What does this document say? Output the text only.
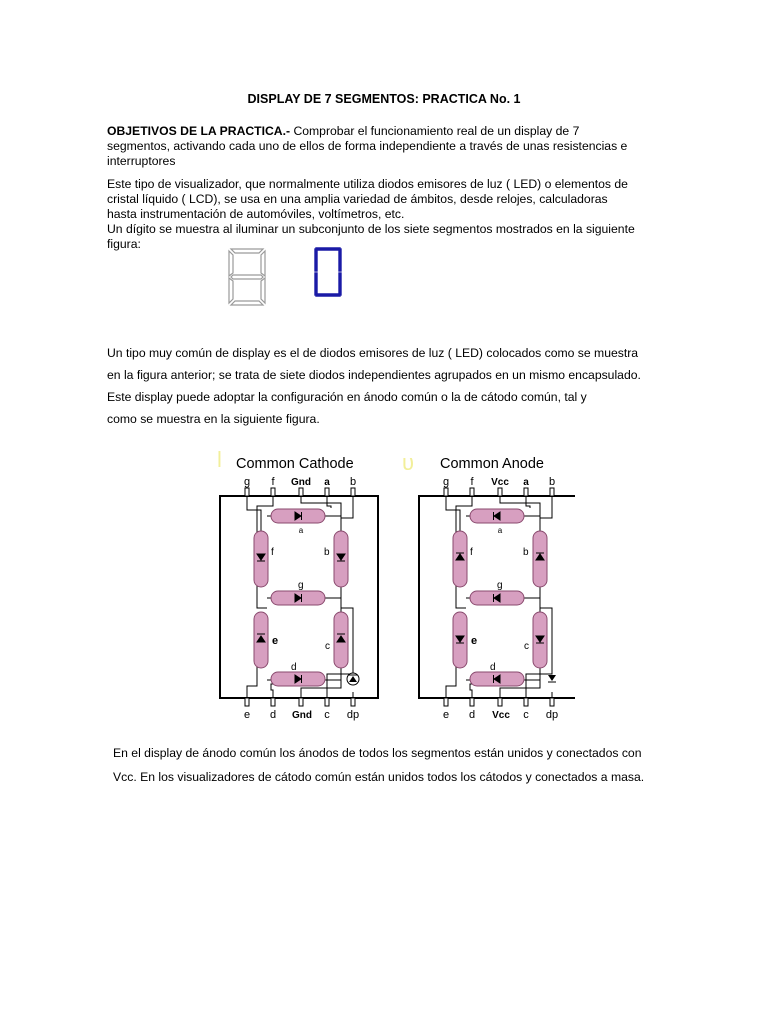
DISPLAY DE 7 SEGMENTOS: PRACTICA No. 1
OBJETIVOS DE LA PRACTICA.- Comprobar el funcionamiento real de un display de 7
segmentos, activando cada uno de ellos de forma independiente a través de unas resistencias e
interruptores
Este tipo de visualizador, que normalmente utiliza diodos emisores de luz ( LED) o elementos de
cristal líquido ( LCD), se usa en una amplia variedad de ámbitos, desde relojes, calculadoras
hasta instrumentación de automóviles, voltímetros, etc.
Un dígito se muestra al iluminar un subconjunto de los siete segmentos mostrados en la siguiente
figura:
Un tipo muy común de display es el de diodos emisores de luz ( LED) colocados como se muestra
en la figura anterior; se trata de siete diodos independientes agrupados en un mismo encapsulado.
Este display puede adoptar la configuración en ánodo común o la de cátodo común, tal y
como se muestra en la siguiente figura.
l Common Cathode
g f Gnd a b
e d Gnd c dp
a
f	b
g
e	c
d
υ Common Anode
g f Vcc a b
e d Vcc c dp
a
f	b
g
e	c
d
En el display de ánodo común los ánodos de todos los segmentos están unidos y conectados con
Vcc. En los visualizadores de cátodo común están unidos todos los cátodos y conectados a masa.
